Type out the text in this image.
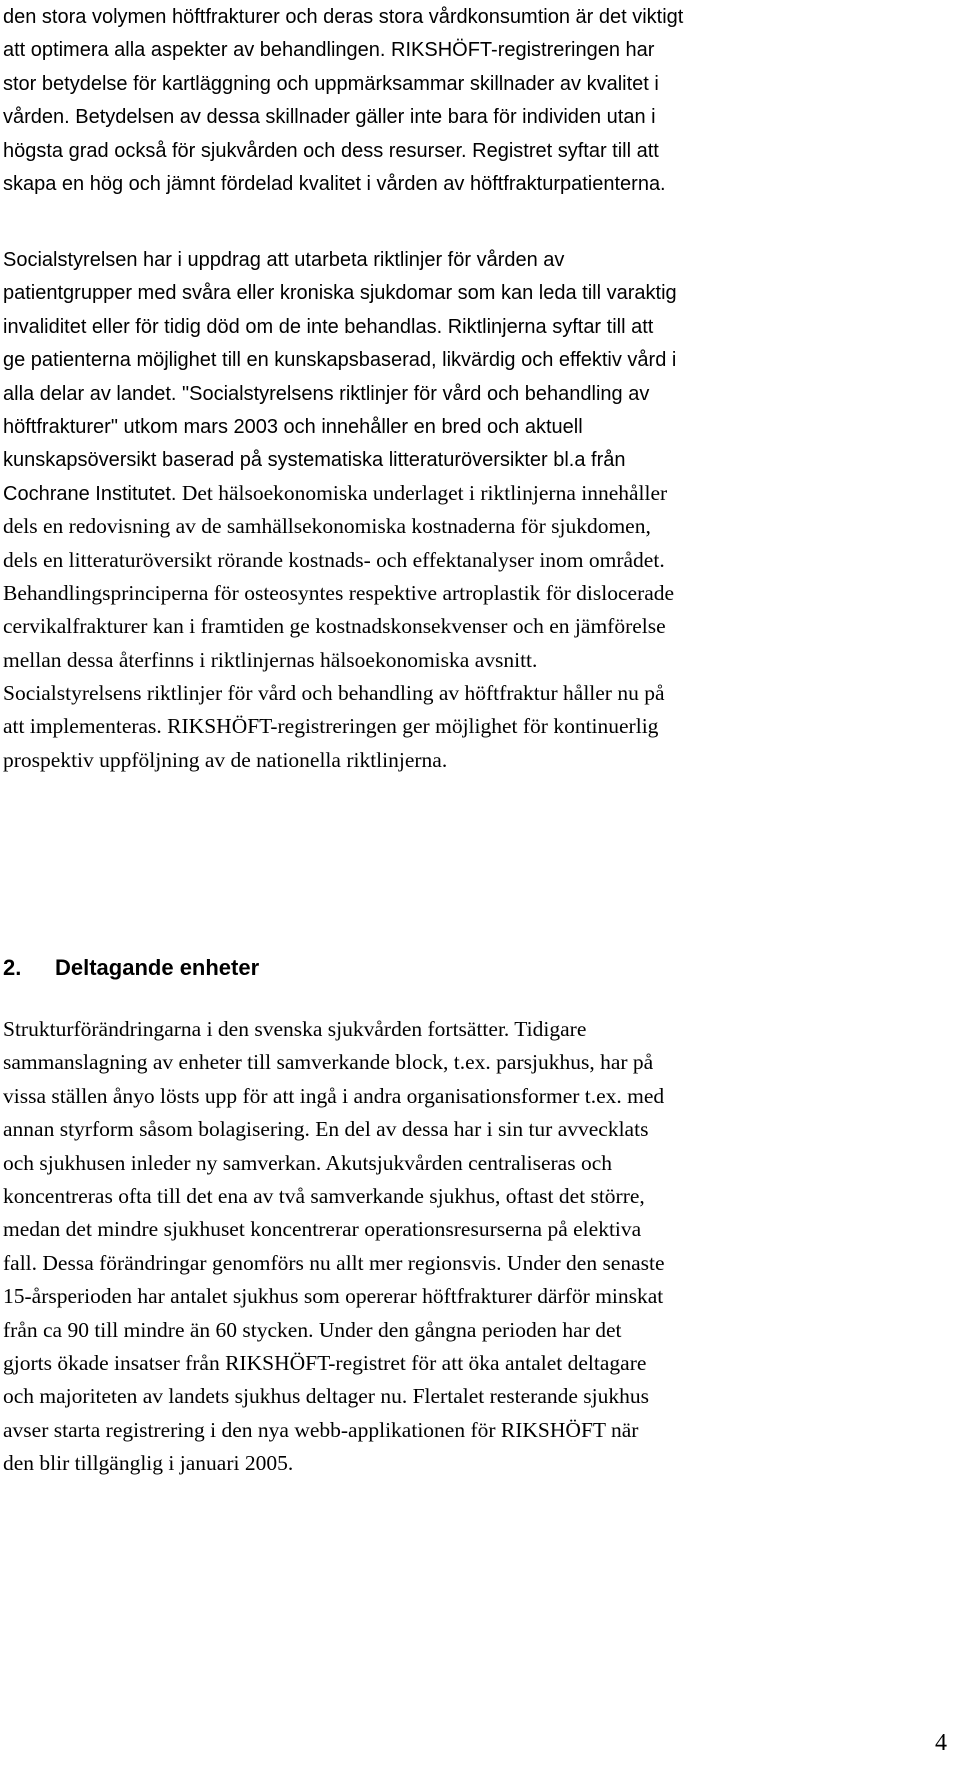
den stora volymen höftfrakturer och deras stora vårdkonsumtion är det viktigt
att optimera alla aspekter av behandlingen. RIKSHÖFT-registreringen har
stor betydelse för kartläggning och uppmärksammar skillnader av kvalitet i
vården. Betydelsen av dessa skillnader gäller inte bara för individen utan i
högsta grad också för sjukvården och dess resurser. Registret syftar till att
skapa en hög och jämnt fördelad kvalitet i vården av höftfrakturpatienterna.
Socialstyrelsen har i uppdrag att utarbeta riktlinjer för vården av
patientgrupper med svåra eller kroniska sjukdomar som kan leda till varaktig
invaliditet eller för tidig död om de inte behandlas. Riktlinjerna syftar till att
ge patienterna möjlighet till en kunskapsbaserad, likvärdig och effektiv vård i
alla delar av landet. "Socialstyrelsens riktlinjer för vård och behandling av
höftfrakturer" utkom mars 2003 och innehåller en bred och aktuell
kunskapsöversikt baserad på systematiska litteraturöversikter bl.a från
Cochrane Institutet. Det hälsoekonomiska underlaget i riktlinjerna innehåller
dels en redovisning av de samhällsekonomiska kostnaderna för sjukdomen,
dels en litteraturöversikt rörande kostnads- och effektanalyser inom området.
Behandlingsprinciperna för osteosyntes respektive artroplastik för dislocerade
cervikalfrakturer kan i framtiden ge kostnadskonsekvenser och en jämförelse
mellan dessa återfinns i riktlinjernas hälsoekonomiska avsnitt.
Socialstyrelsens riktlinjer för vård och behandling av höftfraktur håller nu på
att implementeras. RIKSHÖFT-registreringen ger möjlighet för kontinuerlig
prospektiv uppföljning av de nationella riktlinjerna.
2. Deltagande enheter
Strukturförändringarna i den svenska sjukvården fortsätter. Tidigare
sammanslagning av enheter till samverkande block, t.ex. parsjukhus, har på
vissa ställen ånyo lösts upp för att ingå i andra organisationsformer t.ex. med
annan styrform såsom bolagisering. En del av dessa har i sin tur avvecklats
och sjukhusen inleder ny samverkan. Akutsjukvården centraliseras och
koncentreras ofta till det ena av två samverkande sjukhus, oftast det större,
medan det mindre sjukhuset koncentrerar operationsresurserna på elektiva
fall. Dessa förändringar genomförs nu allt mer regionsvis. Under den senaste
15-årsperioden har antalet sjukhus som opererar höftfrakturer därför minskat
från ca 90 till mindre än 60 stycken. Under den gångna perioden har det
gjorts ökade insatser från RIKSHÖFT-registret för att öka antalet deltagare
och majoriteten av landets sjukhus deltager nu. Flertalet resterande sjukhus
avser starta registrering i den nya webb-applikationen för RIKSHÖFT när
den blir tillgänglig i januari 2005.
4
